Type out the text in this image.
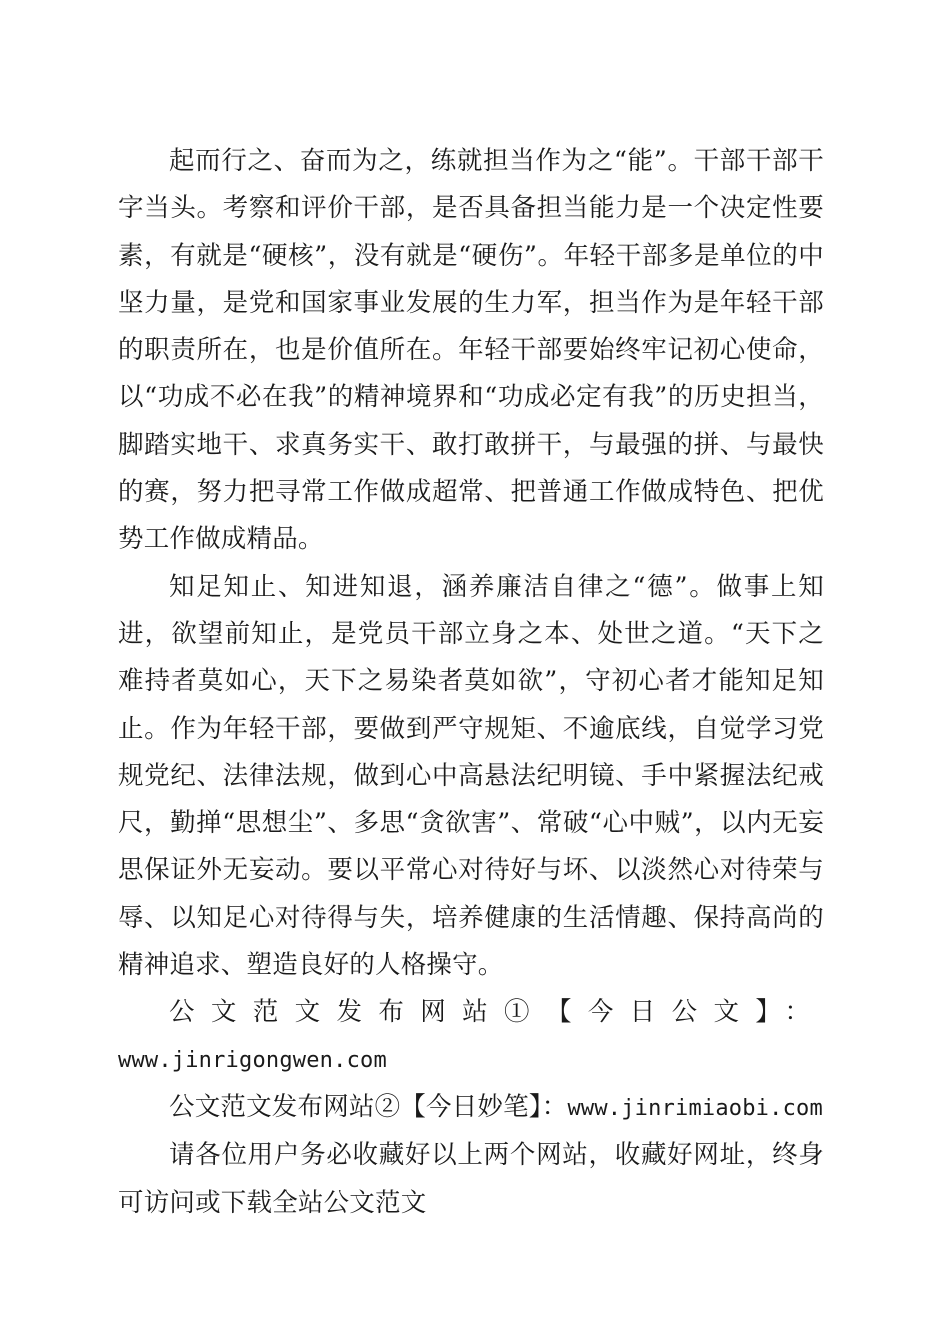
起而行之、奋而为之，练就担当作为之“能”。干部干部干字当头。考察和评价干部，是否具备担当能力是一个决定性要素，有就是“硬核”，没有就是“硬伤”。年轻干部多是单位的中坚力量，是党和国家事业发展的生力军，担当作为是年轻干部的职责所在，也是价值所在。年轻干部要始终牢记初心使命，以“功成不必在我”的精神境界和“功成必定有我”的历史担当，脚踏实地干、求真务实干、敢打敢拼干，与最强的拼、与最快的赛，努力把寻常工作做成超常、把普通工作做成特色、把优势工作做成精品。

知足知止、知进知退，涵养廉洁自律之“德”。做事上知进，欲望前知止，是党员干部立身之本、处世之道。“天下之难持者莫如心，天下之易染者莫如欲”，守初心者才能知足知止。作为年轻干部，要做到严守规矩、不逾底线，自觉学习党规党纪、法律法规，做到心中高悬法纪明镜、手中紧握法纪戒尺，勤掸“思想尘”、多思“贪欲害”、常破“心中贼”，以内无妄思保证外无妄动。要以平常心对待好与坏、以淡然心对待荣与辱、以知足心对待得与失，培养健康的生活情趣、保持高尚的精神追求、塑造良好的人格操守。

公文范文发布网站①【今日公文】：

www.jinrigongwen.com

公文范文发布网站②【今日妙笔】：www.jinrimiaobi.com

请各位用户务必收藏好以上两个网站，收藏好网址，终身可访问或下载全站公文范文
